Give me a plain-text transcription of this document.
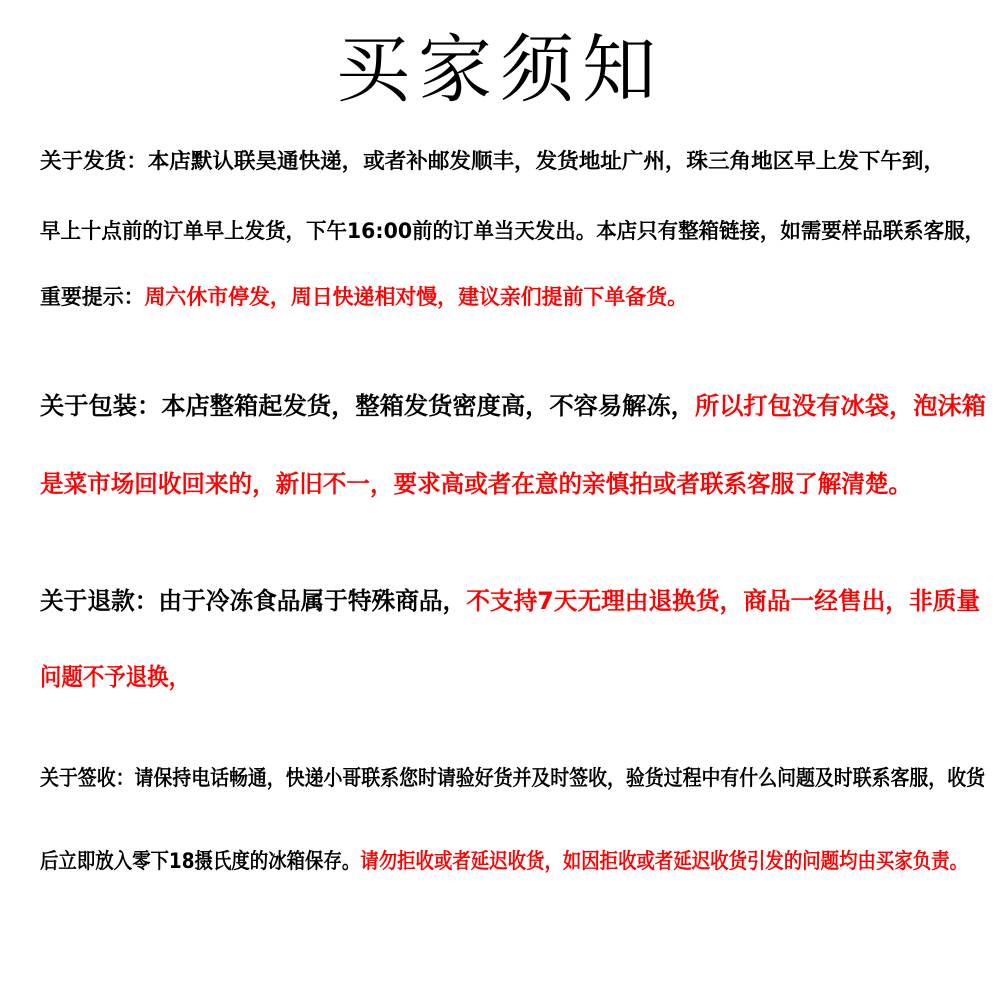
买家须知

关于发货：本店默认联昊通快递，或者补邮发顺丰，发货地址广州，珠三角地区早上发下午到，

早上十点前的订单早上发货，下午16:00前的订单当天发出。本店只有整箱链接，如需要样品联系客服，

重要提示：周六休市停发，周日快递相对慢，建议亲们提前下单备货。

关于包装：本店整箱起发货，整箱发货密度高，不容易解冻，所以打包没有冰袋，泡沫箱

是菜市场回收回来的，新旧不一，要求高或者在意的亲慎拍或者联系客服了解清楚。

关于退款：由于冷冻食品属于特殊商品，不支持7天无理由退换货，商品一经售出，非质量

问题不予退换，

关于签收：请保持电话畅通，快递小哥联系您时请验好货并及时签收，验货过程中有什么问题及时联系客服，收货

后立即放入零下18摄氏度的冰箱保存。请勿拒收或者延迟收货，如因拒收或者延迟收货引发的问题均由买家负责。
